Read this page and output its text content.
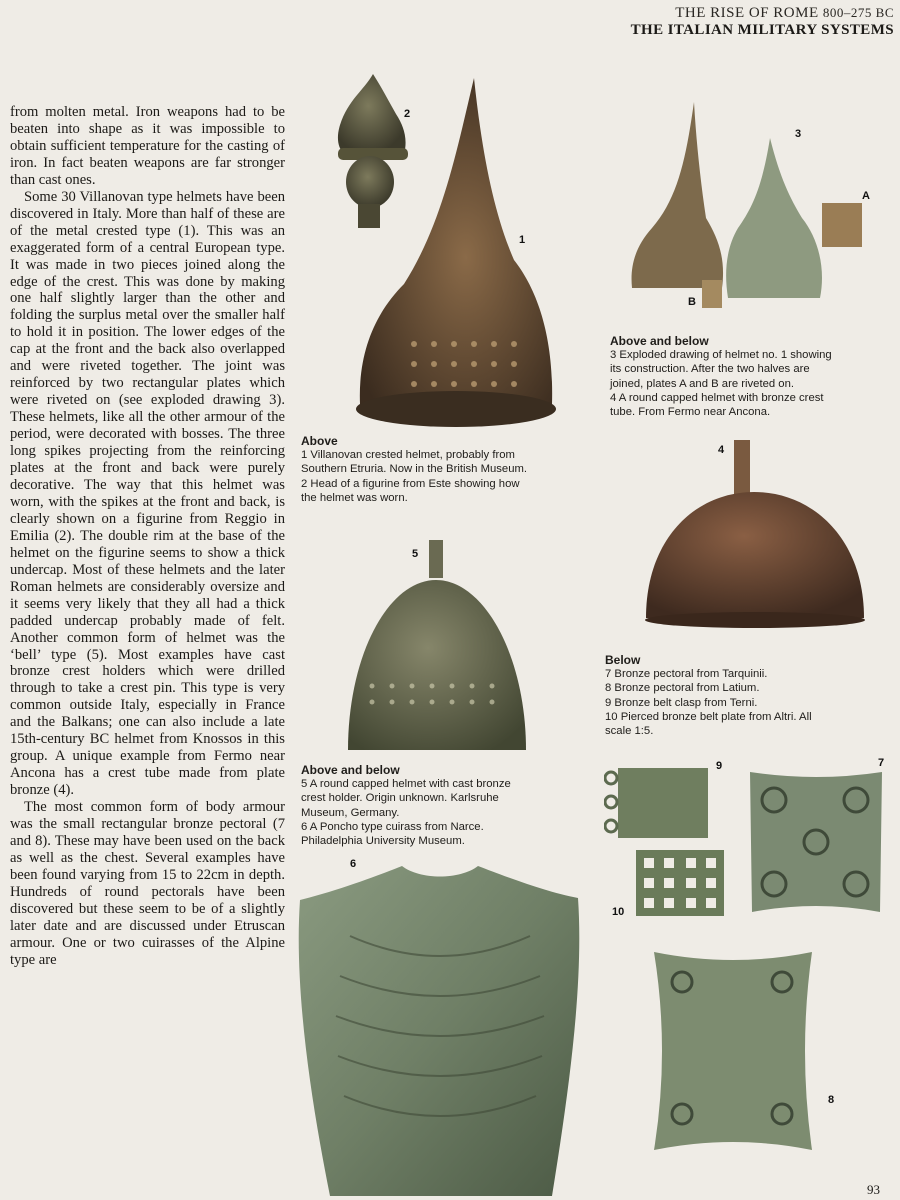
THE RISE OF ROME 800–275 BC
THE ITALIAN MILITARY SYSTEMS

from molten metal. Iron weapons had to be beaten into shape as it was impossible to obtain sufficient temperature for the casting of iron. In fact beaten weapons are far stronger than cast ones.

Some 30 Villanovan type helmets have been discovered in Italy. More than half of these are of the metal crested type (1). This was an exaggerated form of a central European type. It was made in two pieces joined along the edge of the crest. This was done by making one half slightly larger than the other and folding the surplus metal over the smaller half to hold it in position. The lower edges of the cap at the front and the back also overlapped and were riveted together. The joint was reinforced by two rectangular plates which were riveted on (see exploded drawing 3). These helmets, like all the other armour of the period, were decorated with bosses. The three long spikes projecting from the reinforcing plates at the front and back were purely decorative. The way that this helmet was worn, with the spikes at the front and back, is clearly shown on a figurine from Reggio in Emilia (2). The double rim at the base of the helmet on the figurine seems to show a thick undercap. Most of these helmets and the later Roman helmets are considerably oversize and it seems very likely that they all had a thick padded undercap probably made of felt. Another common form of helmet was the ‘bell’ type (5). Most examples have cast bronze crest holders which were drilled through to take a crest pin. This type is very common outside Italy, especially in France and the Balkans; one can also include a late 15th-century BC helmet from Knossos in this group. A unique example from Fermo near Ancona has a crest tube made from plate bronze (4).

The most common form of body armour was the small rectangular bronze pectoral (7 and 8). These may have been used on the back as well as the chest. Several examples have been found varying from 15 to 22cm in depth. Hundreds of round pectorals have been discovered but these seem to be of a slightly later date and are discussed under Etruscan armour. One or two cuirasses of the Alpine type are

2
1
Above
1 Villanovan crested helmet, probably from
Southern Etruria. Now in the British Museum.
2 Head of a figurine from Este showing how
the helmet was worn.
3
A
B
Above and below
3 Exploded drawing of helmet no. 1 showing
its construction. After the two halves are
joined, plates A and B are riveted on.
4 A round capped helmet with bronze crest
tube. From Fermo near Ancona.
4
5
Below
7 Bronze pectoral from Tarquinii.
8 Bronze pectoral from Latium.
9 Bronze belt clasp from Terni.
10 Pierced bronze belt plate from Altri. All
scale 1:5.
Above and below
5 A round capped helmet with cast bronze
crest holder. Origin unknown. Karlsruhe
Museum, Germany.
6 A Poncho type cuirass from Narce.
Philadelphia University Museum.
6
9	7
10
8
93
